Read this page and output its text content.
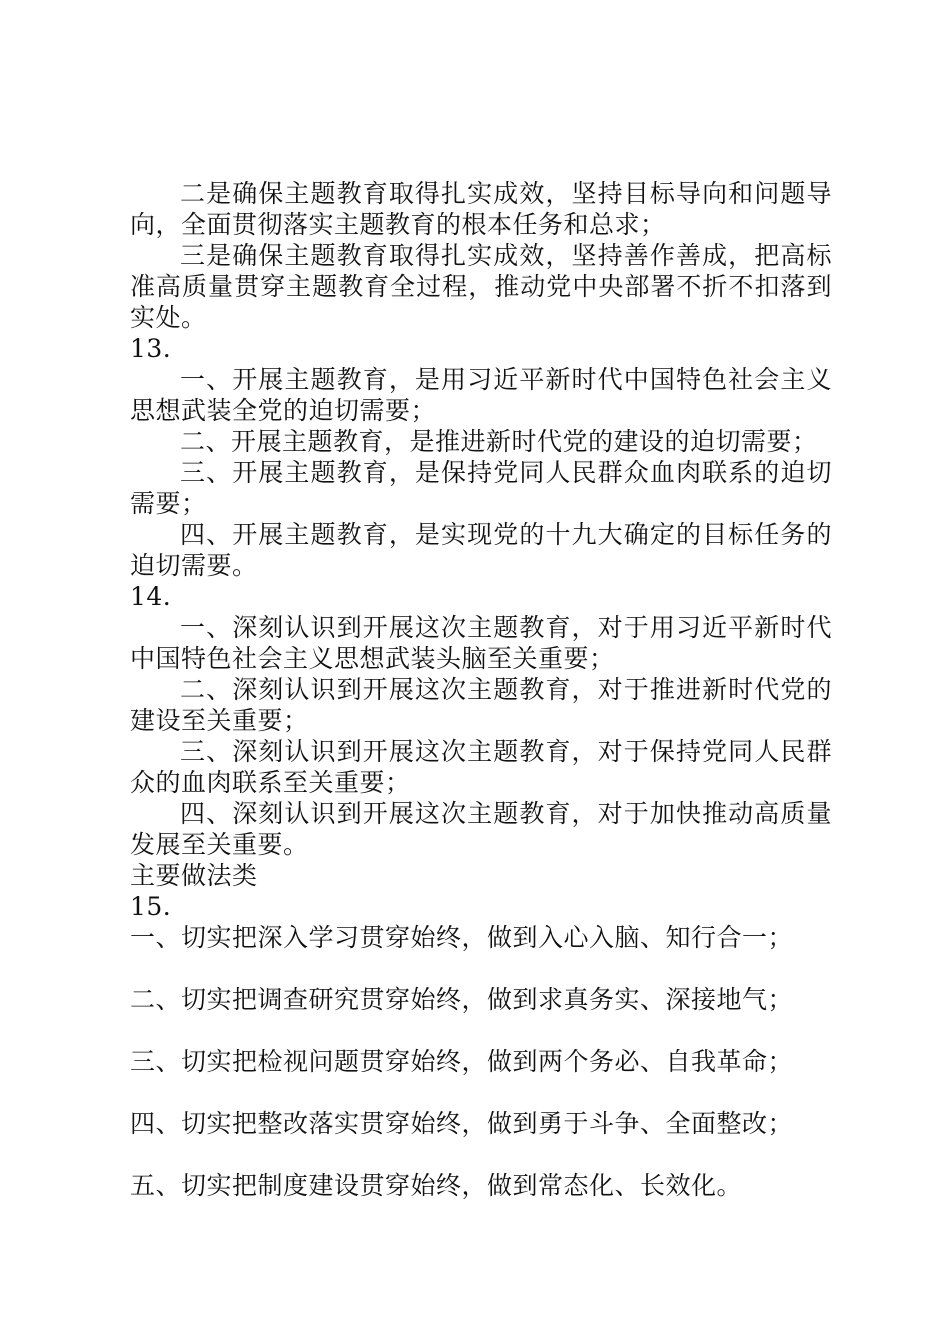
二是确保主题教育取得扎实成效，坚持目标导向和问题导向，全面贯彻落实主题教育的根本任务和总求；

三是确保主题教育取得扎实成效，坚持善作善成，把高标准高质量贯穿主题教育全过程，推动党中央部署不折不扣落到实处。

13.

一、开展主题教育，是用习近平新时代中国特色社会主义思想武装全党的迫切需要；

二、开展主题教育，是推进新时代党的建设的迫切需要；

三、开展主题教育，是保持党同人民群众血肉联系的迫切需要；

四、开展主题教育，是实现党的十九大确定的目标任务的迫切需要。

14.

一、深刻认识到开展这次主题教育，对于用习近平新时代中国特色社会主义思想武装头脑至关重要；

二、深刻认识到开展这次主题教育，对于推进新时代党的建设至关重要；

三、深刻认识到开展这次主题教育，对于保持党同人民群众的血肉联系至关重要；

四、深刻认识到开展这次主题教育，对于加快推动高质量发展至关重要。

主要做法类

15.

一、切实把深入学习贯穿始终，做到入心入脑、知行合一；

二、切实把调查研究贯穿始终，做到求真务实、深接地气；

三、切实把检视问题贯穿始终，做到两个务必、自我革命；

四、切实把整改落实贯穿始终，做到勇于斗争、全面整改；

五、切实把制度建设贯穿始终，做到常态化、长效化。
